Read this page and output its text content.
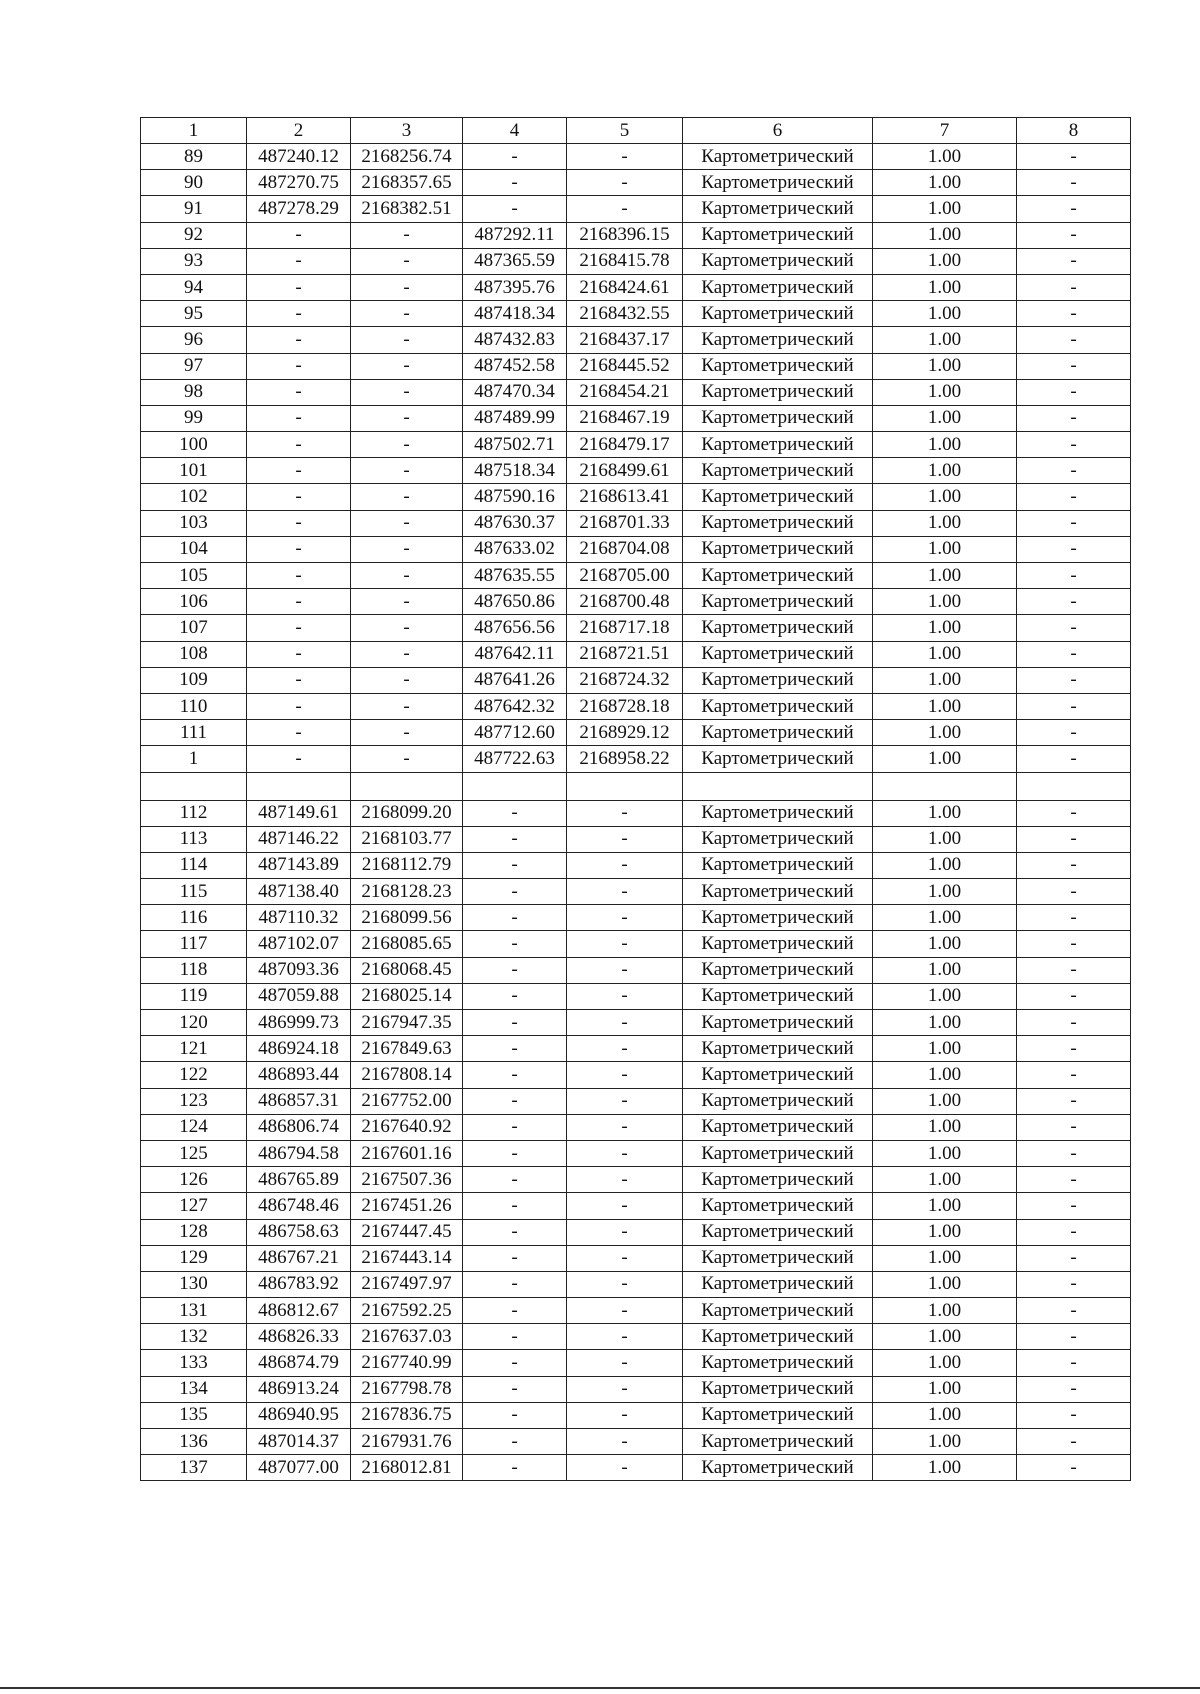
1	2	3	4	5	6	7	8
89	487240.12	2168256.74	-	-	Картометрический	1.00	-
90	487270.75	2168357.65	-	-	Картометрический	1.00	-
91	487278.29	2168382.51	-	-	Картометрический	1.00	-
92	-	-	487292.11	2168396.15	Картометрический	1.00	-
93	-	-	487365.59	2168415.78	Картометрический	1.00	-
94	-	-	487395.76	2168424.61	Картометрический	1.00	-
95	-	-	487418.34	2168432.55	Картометрический	1.00	-
96	-	-	487432.83	2168437.17	Картометрический	1.00	-
97	-	-	487452.58	2168445.52	Картометрический	1.00	-
98	-	-	487470.34	2168454.21	Картометрический	1.00	-
99	-	-	487489.99	2168467.19	Картометрический	1.00	-
100	-	-	487502.71	2168479.17	Картометрический	1.00	-
101	-	-	487518.34	2168499.61	Картометрический	1.00	-
102	-	-	487590.16	2168613.41	Картометрический	1.00	-
103	-	-	487630.37	2168701.33	Картометрический	1.00	-
104	-	-	487633.02	2168704.08	Картометрический	1.00	-
105	-	-	487635.55	2168705.00	Картометрический	1.00	-
106	-	-	487650.86	2168700.48	Картометрический	1.00	-
107	-	-	487656.56	2168717.18	Картометрический	1.00	-
108	-	-	487642.11	2168721.51	Картометрический	1.00	-
109	-	-	487641.26	2168724.32	Картометрический	1.00	-
110	-	-	487642.32	2168728.18	Картометрический	1.00	-
111	-	-	487712.60	2168929.12	Картометрический	1.00	-
1	-	-	487722.63	2168958.22	Картометрический	1.00	-

112	487149.61	2168099.20	-	-	Картометрический	1.00	-
113	487146.22	2168103.77	-	-	Картометрический	1.00	-
114	487143.89	2168112.79	-	-	Картометрический	1.00	-
115	487138.40	2168128.23	-	-	Картометрический	1.00	-
116	487110.32	2168099.56	-	-	Картометрический	1.00	-
117	487102.07	2168085.65	-	-	Картометрический	1.00	-
118	487093.36	2168068.45	-	-	Картометрический	1.00	-
119	487059.88	2168025.14	-	-	Картометрический	1.00	-
120	486999.73	2167947.35	-	-	Картометрический	1.00	-
121	486924.18	2167849.63	-	-	Картометрический	1.00	-
122	486893.44	2167808.14	-	-	Картометрический	1.00	-
123	486857.31	2167752.00	-	-	Картометрический	1.00	-
124	486806.74	2167640.92	-	-	Картометрический	1.00	-
125	486794.58	2167601.16	-	-	Картометрический	1.00	-
126	486765.89	2167507.36	-	-	Картометрический	1.00	-
127	486748.46	2167451.26	-	-	Картометрический	1.00	-
128	486758.63	2167447.45	-	-	Картометрический	1.00	-
129	486767.21	2167443.14	-	-	Картометрический	1.00	-
130	486783.92	2167497.97	-	-	Картометрический	1.00	-
131	486812.67	2167592.25	-	-	Картометрический	1.00	-
132	486826.33	2167637.03	-	-	Картометрический	1.00	-
133	486874.79	2167740.99	-	-	Картометрический	1.00	-
134	486913.24	2167798.78	-	-	Картометрический	1.00	-
135	486940.95	2167836.75	-	-	Картометрический	1.00	-
136	487014.37	2167931.76	-	-	Картометрический	1.00	-
137	487077.00	2168012.81	-	-	Картометрический	1.00	-
